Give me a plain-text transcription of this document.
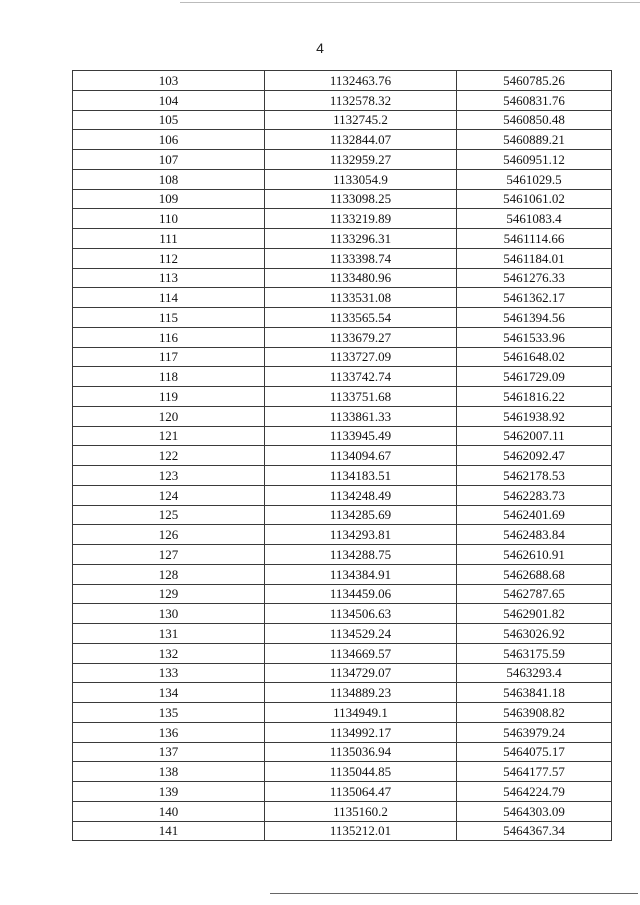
4
103	1132463.76	5460785.26
104	1132578.32	5460831.76
105	1132745.2	5460850.48
106	1132844.07	5460889.21
107	1132959.27	5460951.12
108	1133054.9	5461029.5
109	1133098.25	5461061.02
110	1133219.89	5461083.4
111	1133296.31	5461114.66
112	1133398.74	5461184.01
113	1133480.96	5461276.33
114	1133531.08	5461362.17
115	1133565.54	5461394.56
116	1133679.27	5461533.96
117	1133727.09	5461648.02
118	1133742.74	5461729.09
119	1133751.68	5461816.22
120	1133861.33	5461938.92
121	1133945.49	5462007.11
122	1134094.67	5462092.47
123	1134183.51	5462178.53
124	1134248.49	5462283.73
125	1134285.69	5462401.69
126	1134293.81	5462483.84
127	1134288.75	5462610.91
128	1134384.91	5462688.68
129	1134459.06	5462787.65
130	1134506.63	5462901.82
131	1134529.24	5463026.92
132	1134669.57	5463175.59
133	1134729.07	5463293.4
134	1134889.23	5463841.18
135	1134949.1	5463908.82
136	1134992.17	5463979.24
137	1135036.94	5464075.17
138	1135044.85	5464177.57
139	1135064.47	5464224.79
140	1135160.2	5464303.09
141	1135212.01	5464367.34
